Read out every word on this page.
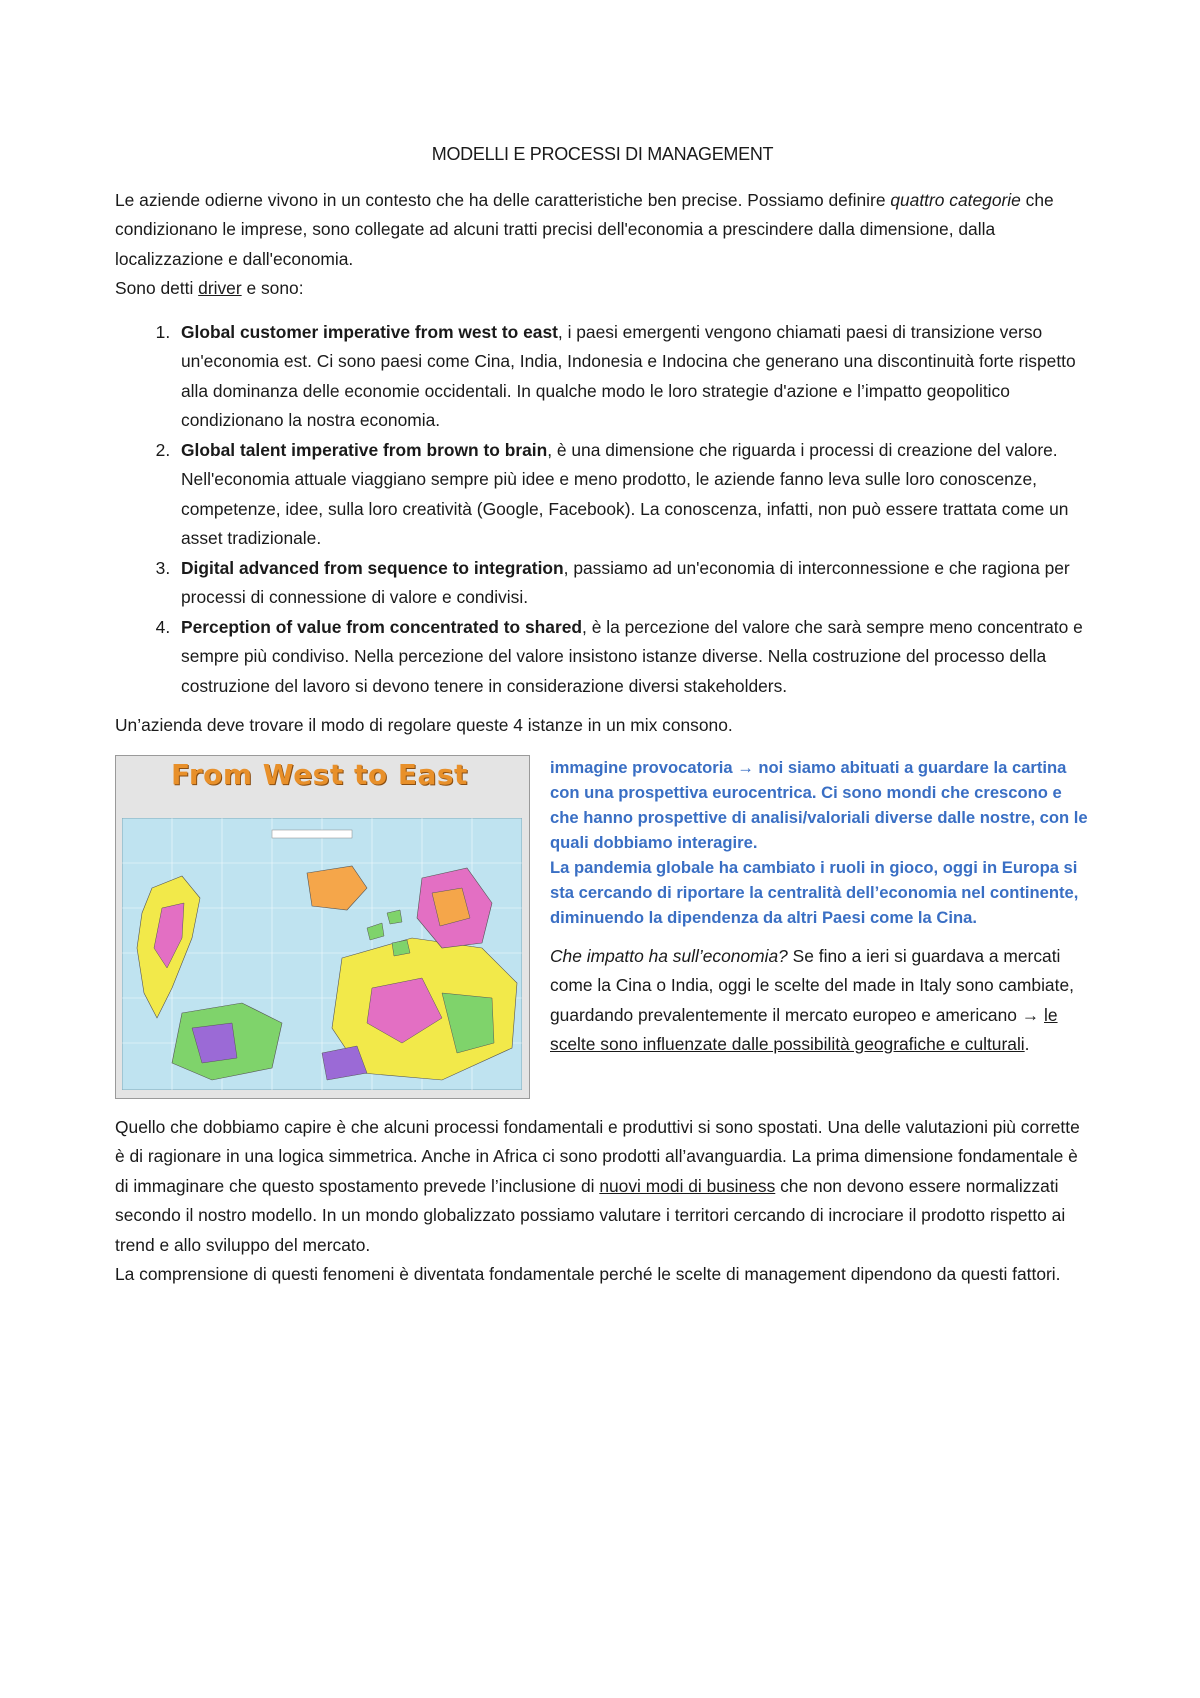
MODELLI E PROCESSI DI MANAGEMENT

Le aziende odierne vivono in un contesto che ha delle caratteristiche ben precise. Possiamo definire quattro categorie che condizionano le imprese, sono collegate ad alcuni tratti precisi dell'economia a prescindere dalla dimensione, dalla localizzazione e dall'economia.
Sono detti driver e sono:

1. Global customer imperative from west to east, i paesi emergenti vengono chiamati paesi di transizione verso un'economia est. Ci sono paesi come Cina, India, Indonesia e Indocina che generano una discontinuità forte rispetto alla dominanza delle economie occidentali. In qualche modo le loro strategie d'azione e l’impatto geopolitico condizionano la nostra economia.
2. Global talent imperative from brown to brain, è una dimensione che riguarda i processi di creazione del valore. Nell'economia attuale viaggiano sempre più idee e meno prodotto, le aziende fanno leva sulle loro conoscenze, competenze, idee, sulla loro creatività (Google, Facebook). La conoscenza, infatti, non può essere trattata come un asset tradizionale.
3. Digital advanced from sequence to integration, passiamo ad un'economia di interconnessione e che ragiona per processi di connessione di valore e condivisi.
4. Perception of value from concentrated to shared, è la percezione del valore che sarà sempre meno concentrato e sempre più condiviso. Nella percezione del valore insistono istanze diverse. Nella costruzione del processo della costruzione del lavoro si devono tenere in considerazione diversi stakeholders.

Un’azienda deve trovare il modo di regolare queste 4 istanze in un mix consono.

From West to East	immagine provocatoria → noi siamo abituati a guardare la cartina con una prospettiva eurocentrica. Ci sono mondi che crescono e che hanno prospettive di analisi/valoriali diverse dalle nostre, con le quali dobbiamo interagire.

La pandemia globale ha cambiato i ruoli in gioco, oggi in Europa si sta cercando di riportare la centralità dell’economia nel continente, diminuendo la dipendenza da altri Paesi come la Cina.

Che impatto ha sull’economia? Se fino a ieri si guardava a mercati come la Cina o India, oggi le scelte del made in Italy sono cambiate, guardando prevalentemente il mercato europeo e americano → le scelte sono influenzate dalle possibilità geografiche e culturali.

Quello che dobbiamo capire è che alcuni processi fondamentali e produttivi si sono spostati. Una delle valutazioni più corrette è di ragionare in una logica simmetrica. Anche in Africa ci sono prodotti all’avanguardia. La prima dimensione fondamentale è di immaginare che questo spostamento prevede l’inclusione di nuovi modi di business che non devono essere normalizzati secondo il nostro modello. In un mondo globalizzato possiamo valutare i territori cercando di incrociare il prodotto rispetto ai trend e allo sviluppo del mercato.
La comprensione di questi fenomeni è diventata fondamentale perché le scelte di management dipendono da questi fattori.
